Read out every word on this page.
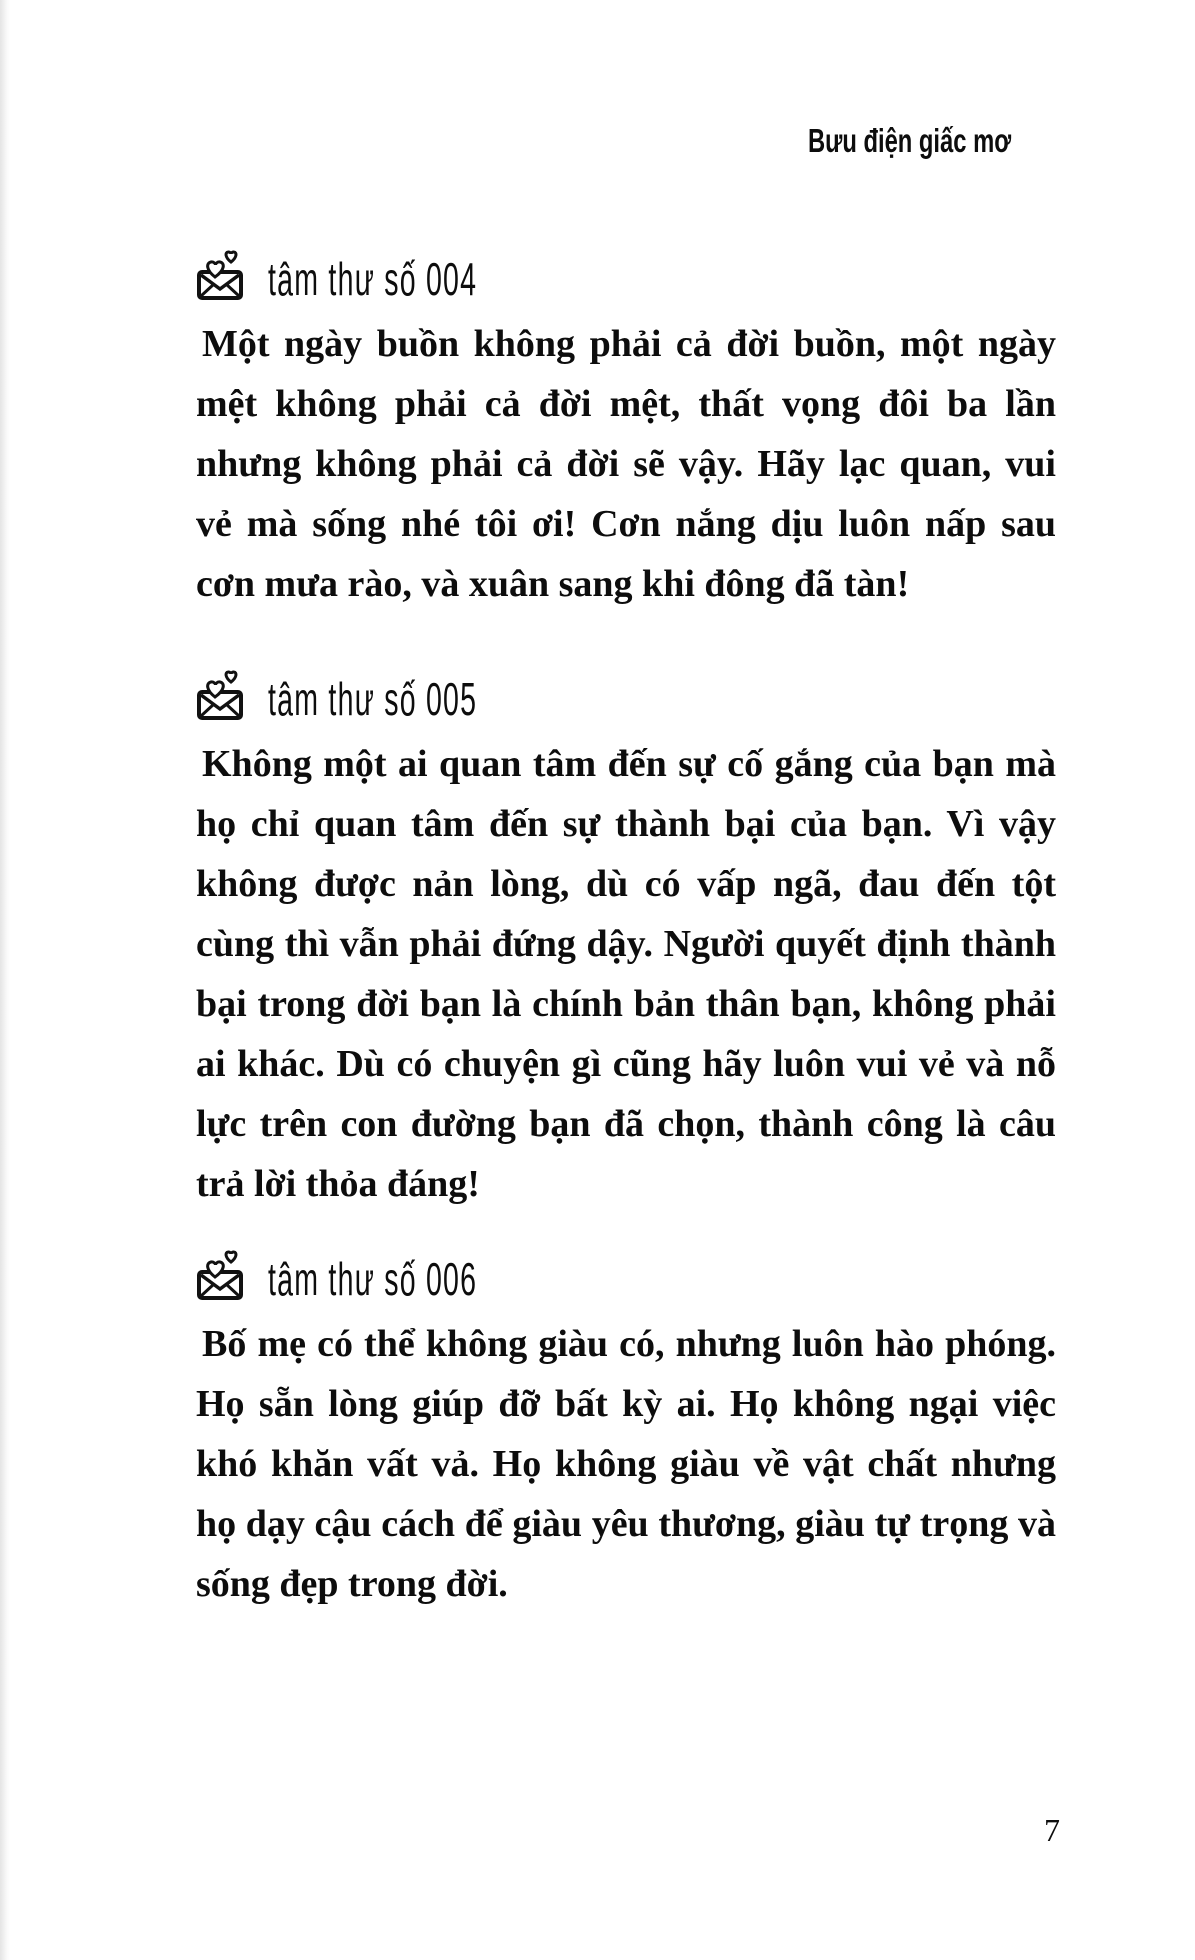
Bưu điện giấc mơ
tâm thư số 004

Một ngày buồn không phải cả đời buồn, một ngày mệt không phải cả đời mệt, thất vọng đôi ba lần nhưng không phải cả đời sẽ vậy. Hãy lạc quan, vui vẻ mà sống nhé tôi ơi! Cơn nắng dịu luôn nấp sau cơn mưa rào, và xuân sang khi đông đã tàn!

tâm thư số 005

Không một ai quan tâm đến sự cố gắng của bạn mà họ chỉ quan tâm đến sự thành bại của bạn. Vì vậy không được nản lòng, dù có vấp ngã, đau đến tột cùng thì vẫn phải đứng dậy. Người quyết định thành bại trong đời bạn là chính bản thân bạn, không phải ai khác. Dù có chuyện gì cũng hãy luôn vui vẻ và nỗ lực trên con đường bạn đã chọn, thành công là câu trả lời thỏa đáng!

tâm thư số 006

Bố mẹ có thể không giàu có, nhưng luôn hào phóng. Họ sẵn lòng giúp đỡ bất kỳ ai. Họ không ngại việc khó khăn vất vả. Họ không giàu về vật chất nhưng họ dạy cậu cách để giàu yêu thương, giàu tự trọng và sống đẹp trong đời.

7
